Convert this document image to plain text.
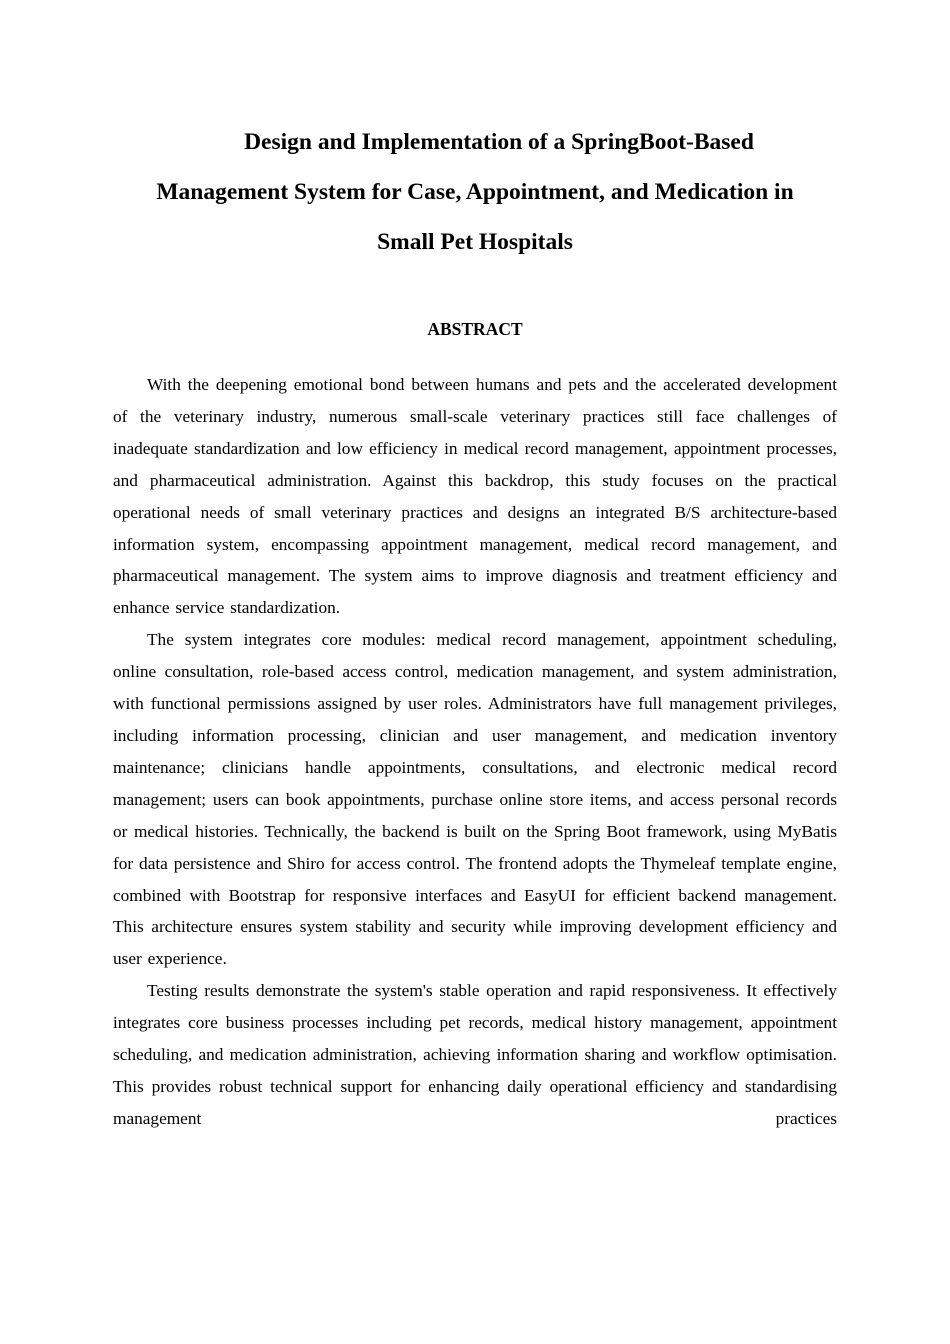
Design and Implementation of a SpringBoot-Based
Management System for Case, Appointment, and Medication in
Small Pet Hospitals
ABSTRACT

With the deepening emotional bond between humans and pets and the accelerated development of the veterinary industry, numerous small-scale veterinary practices still face challenges of inadequate standardization and low efficiency in medical record management, appointment processes, and pharmaceutical administration. Against this backdrop, this study focuses on the practical operational needs of small veterinary practices and designs an integrated B/S architecture-based information system, encompassing appointment management, medical record management, and pharmaceutical management. The system aims to improve diagnosis and treatment efficiency and enhance service standardization.

The system integrates core modules: medical record management, appointment scheduling, online consultation, role-based access control, medication management, and system administration, with functional permissions assigned by user roles. Administrators have full management privileges, including information processing, clinician and user management, and medication inventory maintenance; clinicians handle appointments, consultations, and electronic medical record management; users can book appointments, purchase online store items, and access personal records or medical histories. Technically, the backend is built on the Spring Boot framework, using MyBatis for data persistence and Shiro for access control. The frontend adopts the Thymeleaf template engine, combined with Bootstrap for responsive interfaces and EasyUI for efficient backend management. This architecture ensures system stability and security while improving development efficiency and user experience.

Testing results demonstrate the system's stable operation and rapid responsiveness. It effectively integrates core business processes including pet records, medical history management, appointment scheduling, and medication administration, achieving information sharing and workflow optimisation. This provides robust technical support for enhancing daily operational efficiency and standardising management practices
